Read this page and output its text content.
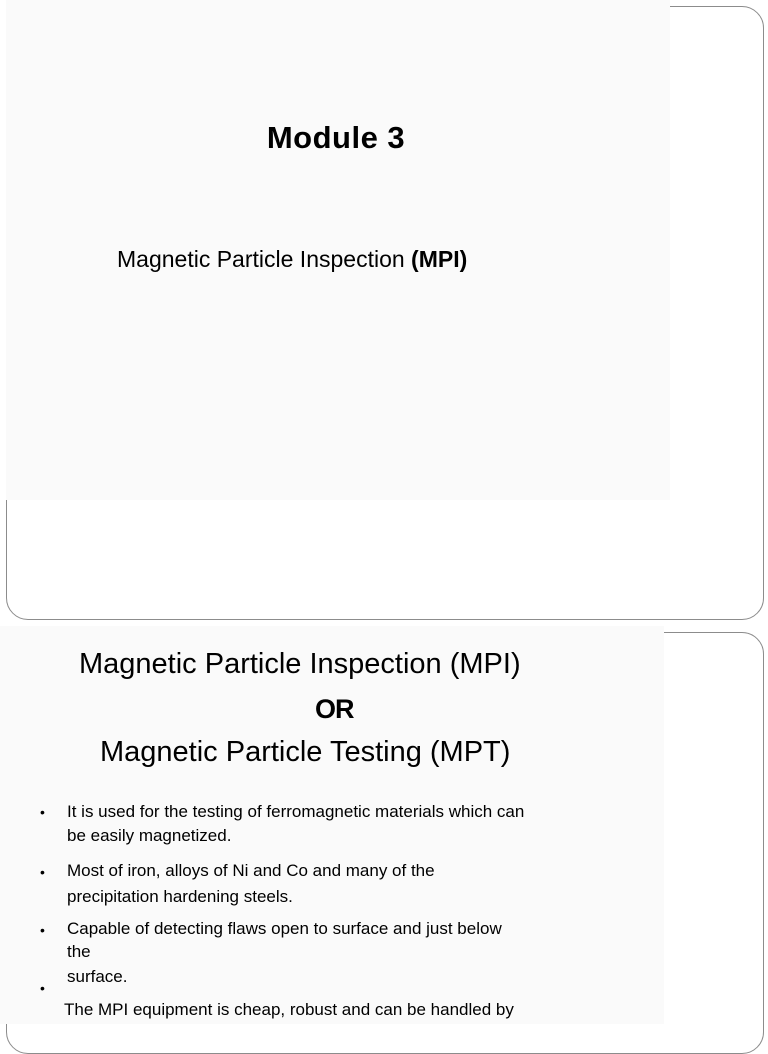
Module 3
Magnetic Particle Inspection (MPI)
Magnetic Particle Inspection (MPI)
OR
Magnetic Particle Testing (MPT)
• It is used for the testing of ferromagnetic materials which can
be easily magnetized.
• Most of iron, alloys of Ni and Co and many of the
precipitation hardening steels.
• Capable of detecting flaws open to surface and just below
the
surface.
•
The MPI equipment is cheap, robust and can be handled by
